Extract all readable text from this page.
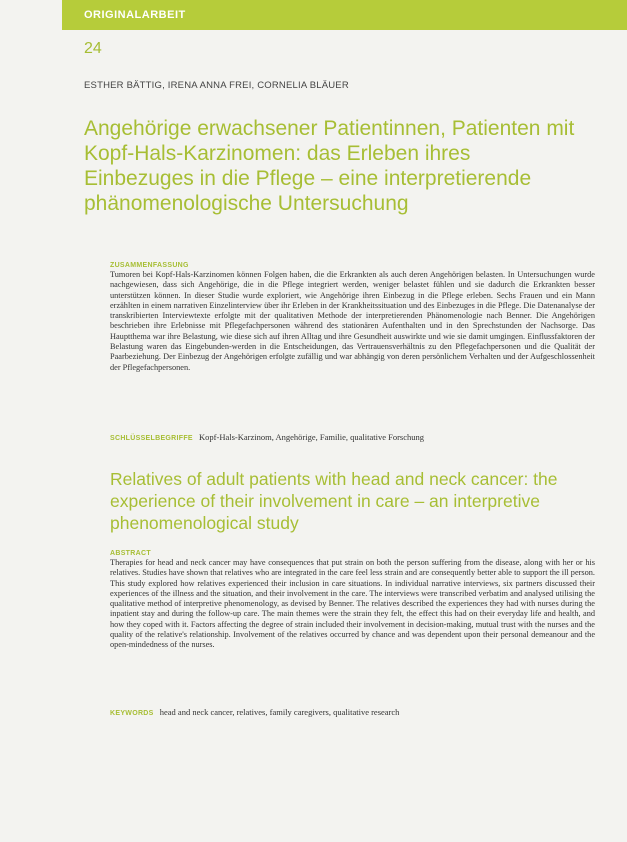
ORIGINALARBEIT
24
ESTHER BÄTTIG, IRENA ANNA FREI, CORNELIA BLÄUER
Angehörige erwachsener Patientinnen, Patienten mit Kopf-Hals-Karzinomen: das Erleben ihres Einbezuges in die Pflege – eine interpretierende phänomenologische Untersuchung
ZUSAMMENFASSUNG
Tumoren bei Kopf-Hals-Karzinomen können Folgen haben, die die Erkrankten als auch deren Angehörigen belasten. In Untersuchungen wurde nachgewiesen, dass sich Angehörige, die in die Pflege integriert werden, weniger belastet fühlen und sie dadurch die Erkrankten besser unterstützen können. In dieser Studie wurde exploriert, wie Angehörige ihren Einbezug in die Pflege erleben. Sechs Frauen und ein Mann erzählten in einem narrativen Einzelinterview über ihr Erleben in der Krankheitssituation und des Einbezuges in die Pflege. Die Datenanalyse der transkribierten Interviewtexte erfolgte mit der qualitativen Methode der interpretierenden Phänomenologie nach Benner. Die Angehörigen beschrieben ihre Erlebnisse mit Pflegefachpersonen während des stationären Aufenthalten und in den Sprechstunden der Nachsorge. Das Hauptthema war ihre Belastung, wie diese sich auf ihren Alltag und ihre Gesundheit auswirkte und wie sie damit umgingen. Einflussfaktoren der Belastung waren das Eingebunden-werden in die Entscheidungen, das Vertrauensverhältnis zu den Pflegefachpersonen und die Qualität der Paarbeziehung. Der Einbezug der Angehörigen erfolgte zufällig und war abhängig von deren persönlichem Verhalten und der Aufgeschlossenheit der Pflegefachpersonen.
SCHLÜSSELBEGRIFFE Kopf-Hals-Karzinom, Angehörige, Familie, qualitative Forschung
Relatives of adult patients with head and neck cancer: the experience of their involvement in care – an interpretive phenomenological study
ABSTRACT
Therapies for head and neck cancer may have consequences that put strain on both the person suffering from the disease, along with her or his relatives. Studies have shown that relatives who are integrated in the care feel less strain and are consequently better able to support the ill person. This study explored how relatives experienced their inclusion in care situations. In individual narrative interviews, six partners discussed their experiences of the illness and the situation, and their involvement in the care. The interviews were transcribed verbatim and analysed utilising the qualitative method of interpretive phenomenology, as devised by Benner. The relatives described the experiences they had with nurses during the inpatient stay and during the follow-up care. The main themes were the strain they felt, the effect this had on their everyday life and health, and how they coped with it. Factors affecting the degree of strain included their involvement in decision-making, mutual trust with the nurses and the quality of the relative's relationship. Involvement of the relatives occurred by chance and was dependent upon their personal demeanour and the open-mindedness of the nurses.
KEYWORDS head and neck cancer, relatives, family caregivers, qualitative research
